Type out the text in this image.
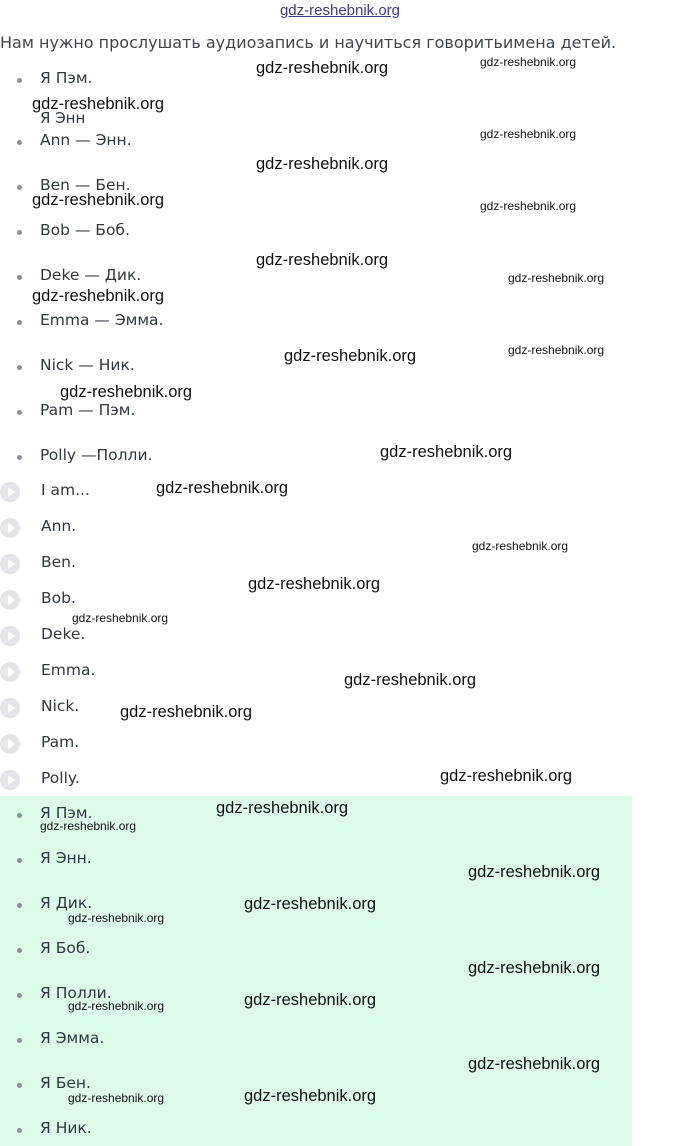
gdz-reshebnik.org
Нам нужно прослушать аудиозапись и научиться говоритьимена детей.
Я Пэм.
Я Энн
Ann — Энн.
Ben — Бен.
Bob — Боб.
Deke — Дик.
Emma — Эмма.
Nick — Ник.
Pam — Пэм.
Polly —Полли.
I am...
Ann.
Ben.
Bob.
Deke.
Emma.
Nick.
Pam.
Polly.
Я Пэм.
Я Энн.
Я Дик.
Я Боб.
Я Полли.
Я Эмма.
Я Бен.
Я Ник.
gdz-reshebnik.org	gdz-reshebnik.org
gdz-reshebnik.org
gdz-reshebnik.org
gdz-reshebnik.org
gdz-reshebnik.org	gdz-reshebnik.org
gdz-reshebnik.org
gdz-reshebnik.org
gdz-reshebnik.org
gdz-reshebnik.org
gdz-reshebnik.org
gdz-reshebnik.org
gdz-reshebnik.org
gdz-reshebnik.org
gdz-reshebnik.org
gdz-reshebnik.org
gdz-reshebnik.org
gdz-reshebnik.org
gdz-reshebnik.org
gdz-reshebnik.org
gdz-reshebnik.org
gdz-reshebnik.org
gdz-reshebnik.org
gdz-reshebnik.org
gdz-reshebnik.org
gdz-reshebnik.org
gdz-reshebnik.org
gdz-reshebnik.org
gdz-reshebnik.org
gdz-reshebnik.org
gdz-reshebnik.org
